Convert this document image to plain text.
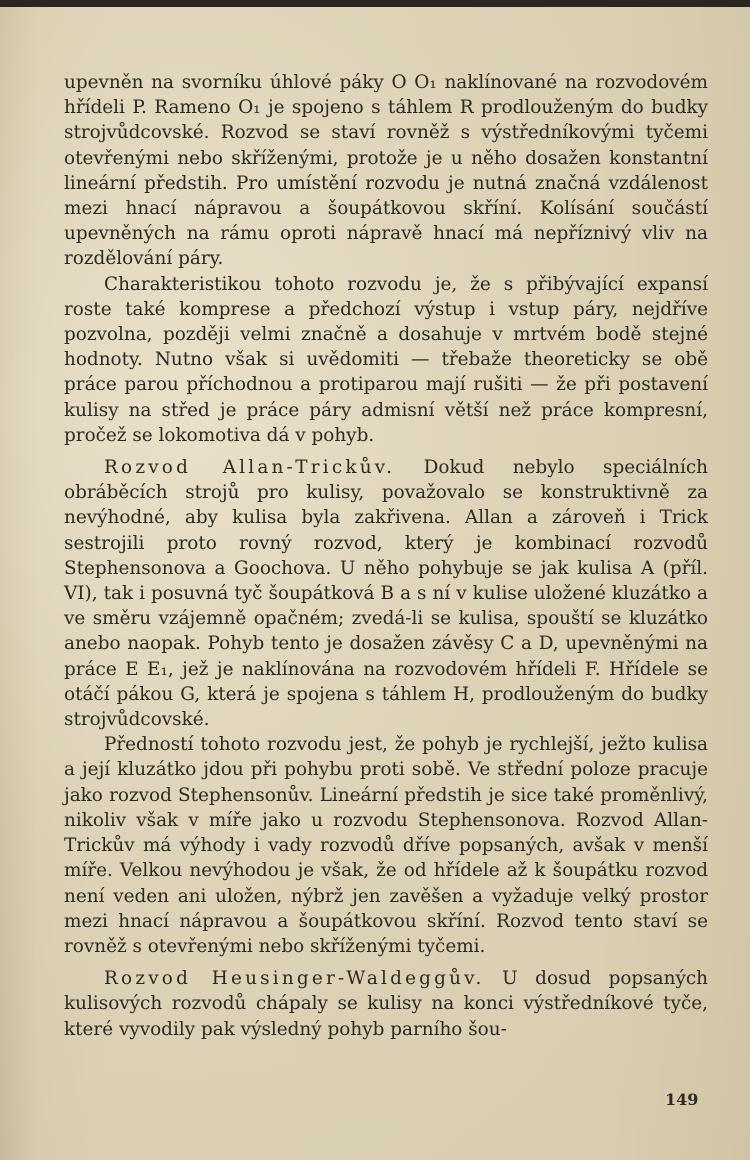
upevněn na svorníku úhlové páky O O₁ naklínované na rozvodovém hřídeli P. Rameno O₁ je spojeno s táhlem R prodlouženým do budky strojvůdcovské. Rozvod se staví rovněž s výstředníkovými tyčemi otevřenými nebo skříženými, protože je u něho dosažen konstantní lineární předstih. Pro umístění rozvodu je nutná značná vzdálenost mezi hnací nápravou a šoupátkovou skříní. Kolísání součástí upevněných na rámu oproti nápravě hnací má nepříznivý vliv na rozdělování páry.

Charakteristikou tohoto rozvodu je, že s přibývající expansí roste také komprese a předchozí výstup i vstup páry, nejdříve pozvolna, později velmi značně a dosahuje v mrtvém bodě stejné hodnoty. Nutno však si uvědomiti — třebaže theoreticky se obě práce parou příchodnou a protiparou mají rušiti — že při postavení kulisy na střed je práce páry admisní větší než práce kompresní, pročež se lokomotiva dá v pohyb.

Rozvod Allan-Trickův. Dokud nebylo speciálních obráběcích strojů pro kulisy, považovalo se konstruktivně za nevýhodné, aby kulisa byla zakřivena. Allan a zároveň i Trick sestrojili proto rovný rozvod, který je kombinací rozvodů Stephensonova a Goochova. U něho pohybuje se jak kulisa A (příl. VI), tak i posuvná tyč šoupátková B a s ní v kulise uložené kluzátko a ve směru vzájemně opačném; zvedá-li se kulisa, spouští se kluzátko anebo naopak. Pohyb tento je dosažen závěsy C a D, upevněnými na práce E E₁, jež je naklínována na rozvodovém hřídeli F. Hřídele se otáčí pákou G, která je spojena s táhlem H, prodlouženým do budky strojvůdcovské.

Předností tohoto rozvodu jest, že pohyb je rychlejší, ježto kulisa a její kluzátko jdou při pohybu proti sobě. Ve střední poloze pracuje jako rozvod Stephensonův. Lineární předstih je sice také proměnlivý, nikoliv však v míře jako u rozvodu Stephensonova. Rozvod Allan-Trickův má výhody i vady rozvodů dříve popsaných, avšak v menší míře. Velkou nevýhodou je však, že od hřídele až k šoupátku rozvod není veden ani uložen, nýbrž jen zavěšen a vyžaduje velký prostor mezi hnací nápravou a šoupátkovou skříní. Rozvod tento staví se rovněž s otevřenými nebo skříženými tyčemi.

Rozvod Heusinger-Waldeggův. U dosud popsaných kulisových rozvodů chápaly se kulisy na konci výstředníkové tyče, které vyvodily pak výsledný pohyb parního šou-

149
